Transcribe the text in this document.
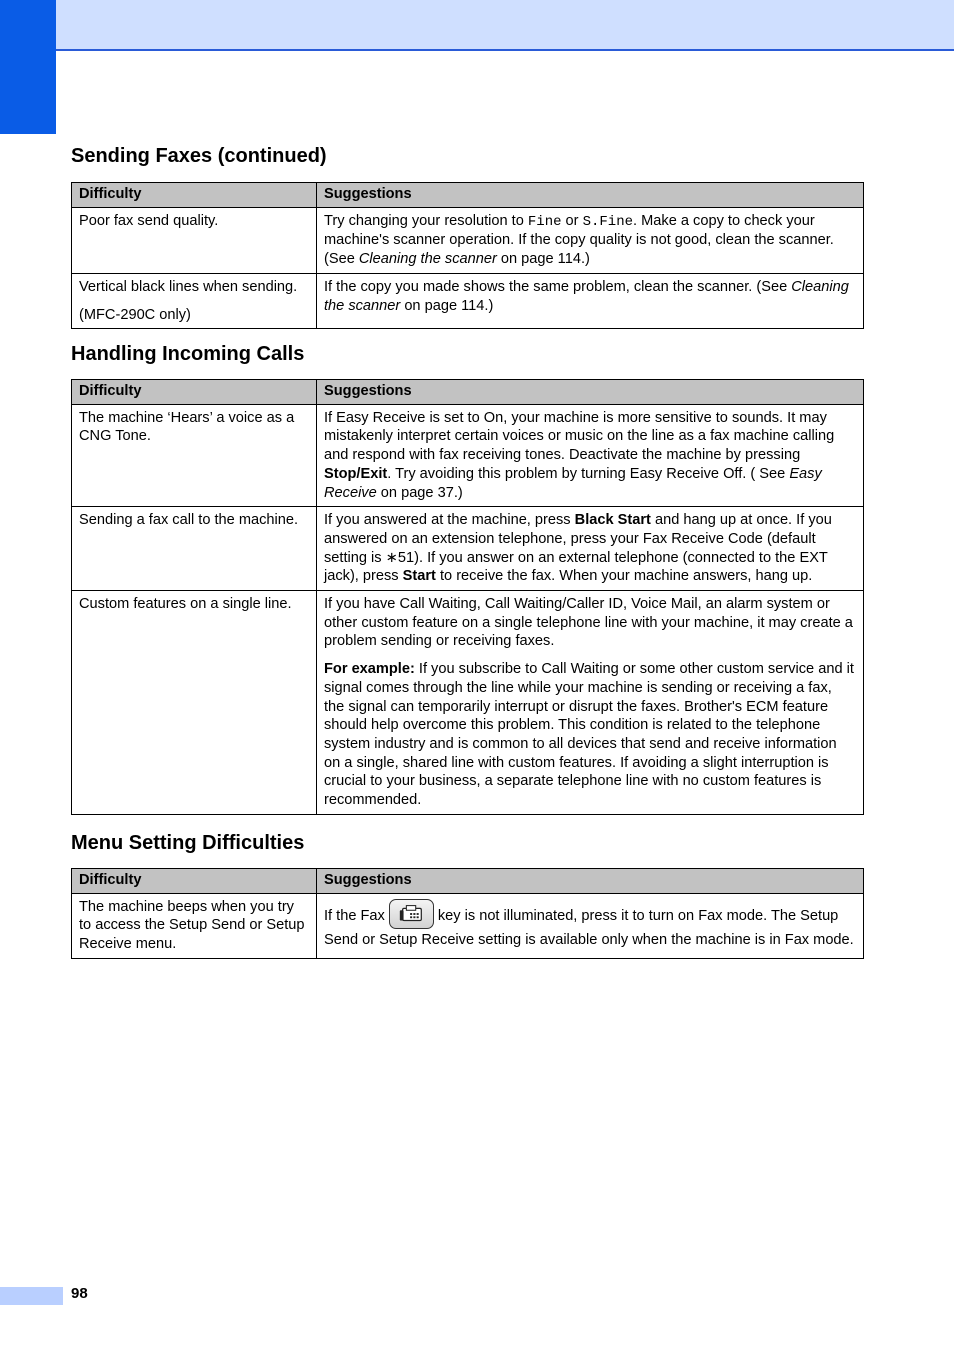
Sending Faxes (continued)
Difficulty	Suggestions
Poor fax send quality.	Try changing your resolution to Fine or S.Fine. Make a copy to check your machine's scanner operation. If the copy quality is not good, clean the scanner. (See Cleaning the scanner on page 114.)

Vertical black lines when sending.

(MFC-290C only)	If the copy you made shows the same problem, clean the scanner. (See Cleaning the scanner on page 114.)
Handling Incoming Calls
Difficulty	Suggestions
The machine ‘Hears’ a voice as a CNG Tone.	If Easy Receive is set to On, your machine is more sensitive to sounds. It may mistakenly interpret certain voices or music on the line as a fax machine calling and respond with fax receiving tones. Deactivate the machine by pressing Stop/Exit. Try avoiding this problem by turning Easy Receive Off. ( See Easy Receive on page 37.)
Sending a fax call to the machine.	If you answered at the machine, press Black Start and hang up at once. If you answered on an extension telephone, press your Fax Receive Code (default setting is ∗51). If you answer on an external telephone (connected to the EXT jack), press Start to receive the fax. When your machine answers, hang up.
Custom features on a single line.	If you have Call Waiting, Call Waiting/Caller ID, Voice Mail, an alarm system or other custom feature on a single telephone line with your machine, it may create a problem sending or receiving faxes.

For example: If you subscribe to Call Waiting or some other custom service and it signal comes through the line while your machine is sending or receiving a fax, the signal can temporarily interrupt or disrupt the faxes. Brother's ECM feature should help overcome this problem. This condition is related to the telephone system industry and is common to all devices that send and receive information on a single, shared line with custom features. If avoiding a slight interruption is crucial to your business, a separate telephone line with no custom features is recommended.

Menu Setting Difficulties
Difficulty	Suggestions
The machine beeps when you try to access the Setup Send or Setup Receive menu.	If the Fax key is not illuminated, press it to turn on Fax mode. The Setup Send or Setup Receive setting is available only when the machine is in Fax mode.
98
